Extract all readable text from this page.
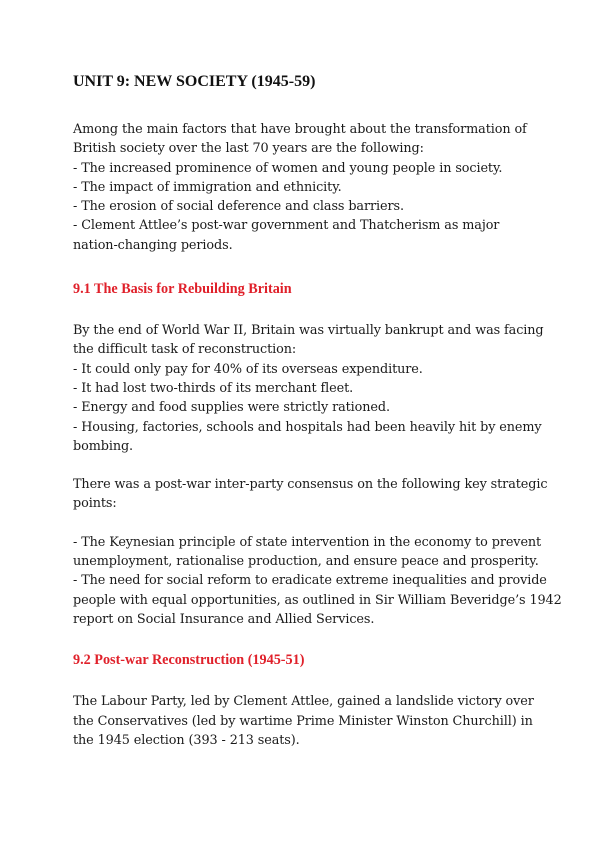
UNIT 9: NEW SOCIETY (1945-59)

Among the main factors that have brought about the transformation of
British society over the last 70 years are the following:
- The increased prominence of women and young people in society.
- The impact of immigration and ethnicity.
- The erosion of social deference and class barriers.
- Clement Attlee’s post-war government and Thatcherism as major
nation-changing periods.

9.1 The Basis for Rebuilding Britain

By the end of World War II, Britain was virtually bankrupt and was facing
the difficult task of reconstruction:
- It could only pay for 40% of its overseas expenditure.
- It had lost two-thirds of its merchant fleet.
- Energy and food supplies were strictly rationed.
- Housing, factories, schools and hospitals had been heavily hit by enemy
bombing.

There was a post-war inter-party consensus on the following key strategic
points:

- The Keynesian principle of state intervention in the economy to prevent
unemployment, rationalise production, and ensure peace and prosperity.
- The need for social reform to eradicate extreme inequalities and provide
people with equal opportunities, as outlined in Sir William Beveridge’s 1942
report on Social Insurance and Allied Services.

9.2 Post-war Reconstruction (1945-51)

The Labour Party, led by Clement Attlee, gained a landslide victory over
the Conservatives (led by wartime Prime Minister Winston Churchill) in
the 1945 election (393 - 213 seats).
